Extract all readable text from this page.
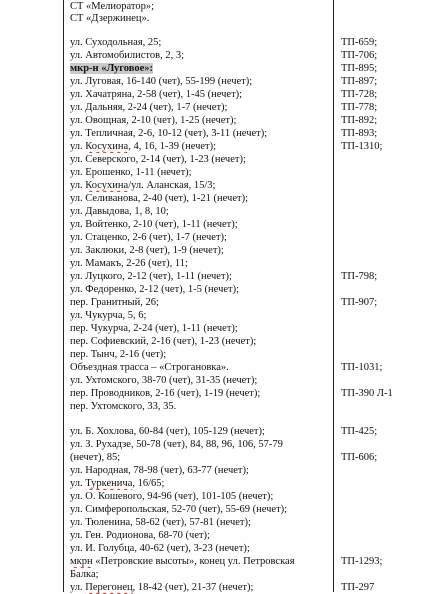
СТ «Мелиоратор»;
СТ «Дзержинец».
ул. Суходольная, 25;	ТП-659;
ул. Автомобилистов, 2, 3;	ТП-706;
мкр-н «Луговое»:	ТП-895;
ул. Луговая, 16-140 (чет), 55-199 (нечет);	ТП-897;
ул. Хачатряна, 2-58 (чет), 1-45 (нечет);	ТП-728;
ул. Дальняя, 2-24 (чет), 1-7 (нечет);	ТП-778;
ул. Овощная, 2-10 (чет), 1-25 (нечет);	ТП-892;
ул. Тепличная, 2-6, 10-12 (чет), 3-11 (нечет);	ТП-893;
ул. Косухина, 4, 16, 1-39 (нечет);	ТП-1310;
ул. Северского, 2-14 (чет), 1-23 (нечет);
ул. Ерошенко, 1-11 (нечет);
ул. Косухина/ул. Аланская, 15/3;
ул. Селиванова, 2-40 (чет), 1-21 (нечет);
ул. Давыдова, 1, 8, 10;
ул. Войтенко, 2-10 (чет), 1-11 (нечет);
ул. Стаценко, 2-6 (чет), 1-7 (нечет);
ул. Заклюки, 2-8 (чет), 1-9 (нечет);
ул. Мамакъ, 2-26 (чет), 11;
ул. Луцкого, 2-12 (чет), 1-11 (нечет);	ТП-798;
ул. Федоренко, 2-12 (чет), 1-5 (нечет);
пер. Гранитный, 26;	ТП-907;
ул. Чукурча, 5, 6;
пер. Чукурча, 2-24 (чет), 1-11 (нечет);
пер. Софиевский, 2-16 (чет), 1-23 (нечет);
пер. Тынч, 2-16 (чет);
Объездная трасса – «Строгановка».	ТП-1031;
ул. Ухтомского, 38-70 (чет), 31-35 (нечет);
пер. Проводников, 2-16 (чет), 1-19 (нечет);	ТП-390 Л-1
пер. Ухтомского, 33, 35.
ул. Б. Хохлова, 60-84 (чет), 105-129 (нечет);	ТП-425;
ул. З. Рухадзе, 50-78 (чет), 84, 88, 96, 106, 57-79
(нечет), 85;	ТП-606;
ул. Народная, 78-98 (чет), 63-77 (нечет);
ул. Туркенича, 16/65;
ул. О. Кошевого, 94-96 (чет), 101-105 (нечет);
ул. Симферопольская, 52-70 (чет), 55-69 (нечет);
ул. Тюленина, 58-62 (чет), 57-81 (нечет);
ул. Ген. Родионова, 68-70 (чет);
ул. И. Голубца, 40-62 (чет), 3-23 (нечет);
мкрн «Петровские высоты», конец ул. Петровская	ТП-1293;
Балка;
ул. Перегонец, 18-42 (чет), 21-37 (нечет);	ТП-297
